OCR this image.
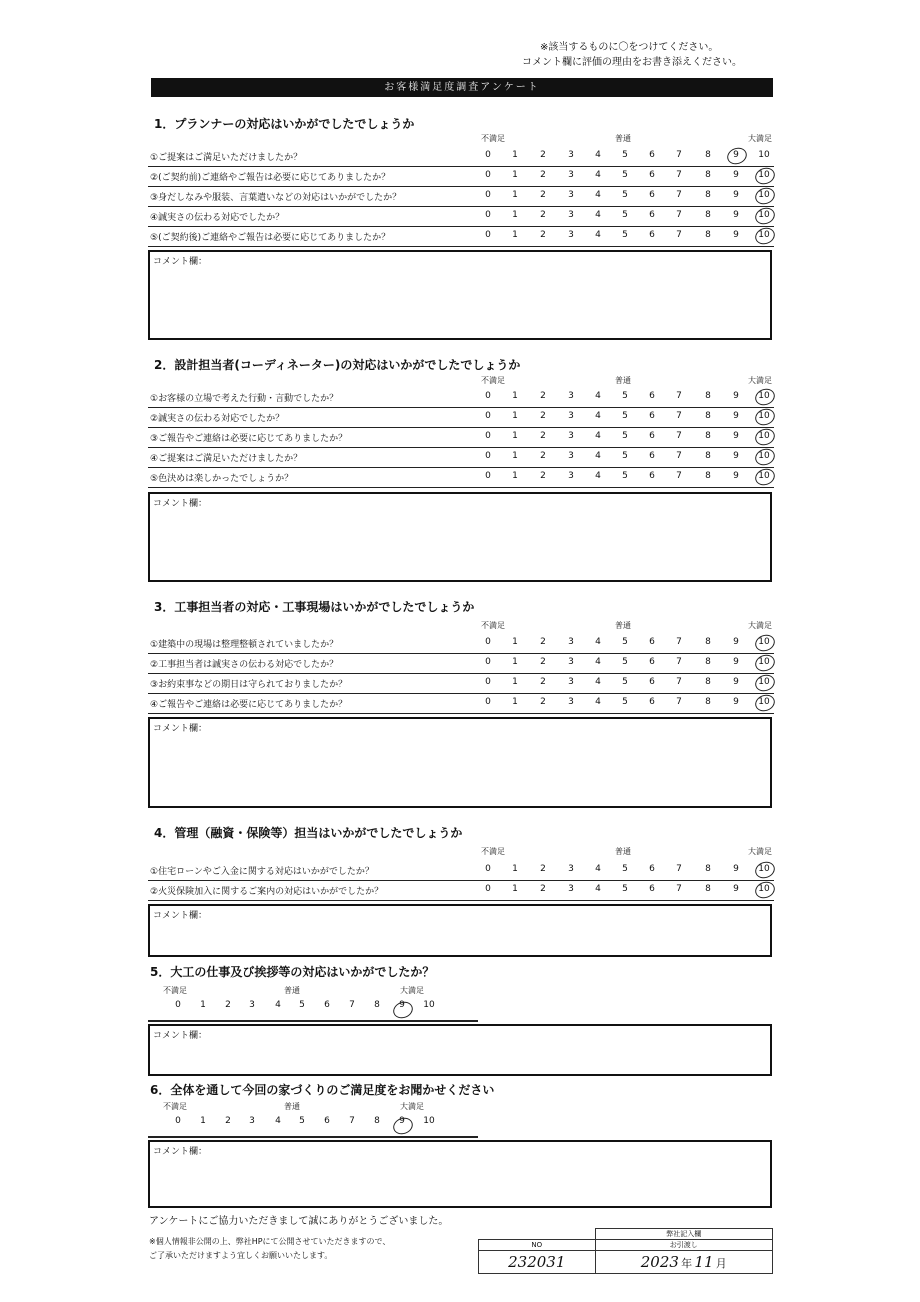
※該当するものに〇をつけてください。
コメント欄に評価の理由をお書き添えください。
お客様満足度調査アンケート
1．プランナーの対応はいかがでしたでしょうか
不満足	普通	大満足
①ご提案はご満足いただけましたか？	0	1	2	3	4	5	6	7	8	9	10
②(ご契約前)ご連絡やご報告は必要に応じてありましたか？	0	1	2	3	4	5	6	7	8	9	10
③身だしなみや服装、言葉遣いなどの対応はいかがでしたか？	0	1	2	3	4	5	6	7	8	9	10
④誠実さの伝わる対応でしたか？	0	1	2	3	4	5	6	7	8	9	10
⑤(ご契約後)ご連絡やご報告は必要に応じてありましたか？	0	1	2	3	4	5	6	7	8	9	10
コメント欄：
2．設計担当者(コーディネーター)の対応はいかがでしたでしょうか
不満足	普通	大満足
①お客様の立場で考えた行動・言動でしたか？	0	1	2	3	4	5	6	7	8	9	10
②誠実さの伝わる対応でしたか？	0	1	2	3	4	5	6	7	8	9	10
③ご報告やご連絡は必要に応じてありましたか？	0	1	2	3	4	5	6	7	8	9	10
④ご提案はご満足いただけましたか？	0	1	2	3	4	5	6	7	8	9	10
⑤色決めは楽しかったでしょうか？	0	1	2	3	4	5	6	7	8	9	10
コメント欄：
3．工事担当者の対応・工事現場はいかがでしたでしょうか
不満足	普通	大満足
①建築中の現場は整理整頓されていましたか？	0	1	2	3	4	5	6	7	8	9	10
②工事担当者は誠実さの伝わる対応でしたか？	0	1	2	3	4	5	6	7	8	9	10
③お約束事などの期日は守られておりましたか？	0	1	2	3	4	5	6	7	8	9	10
④ご報告やご連絡は必要に応じてありましたか？	0	1	2	3	4	5	6	7	8	9	10
コメント欄：
4．管理（融資・保険等）担当はいかがでしたでしょうか
不満足	普通	大満足
①住宅ローンやご入金に関する対応はいかがでしたか？	0	1	2	3	4	5	6	7	8	9	10
②火災保険加入に関するご案内の対応はいかがでしたか？	0	1	2	3	4	5	6	7	8	9	10
コメント欄：
5．大工の仕事及び挨拶等の対応はいかがでしたか？
不満足	普通	大満足
0	1	2	3	4	5	6	7	8	9	10
コメント欄：
6．全体を通して今回の家づくりのご満足度をお聞かせください
不満足	普通	大満足
0	1	2	3	4	5	6	7	8	9	10
コメント欄：
アンケートにご協力いただきまして誠にありがとうございました。
※個人情報非公開の上、弊社HPにて公開させていただきますので、
ご了承いただけますよう宜しくお願いいたします。
	弊社記入欄
NO	お引渡し
232031	2023 年 11 月
